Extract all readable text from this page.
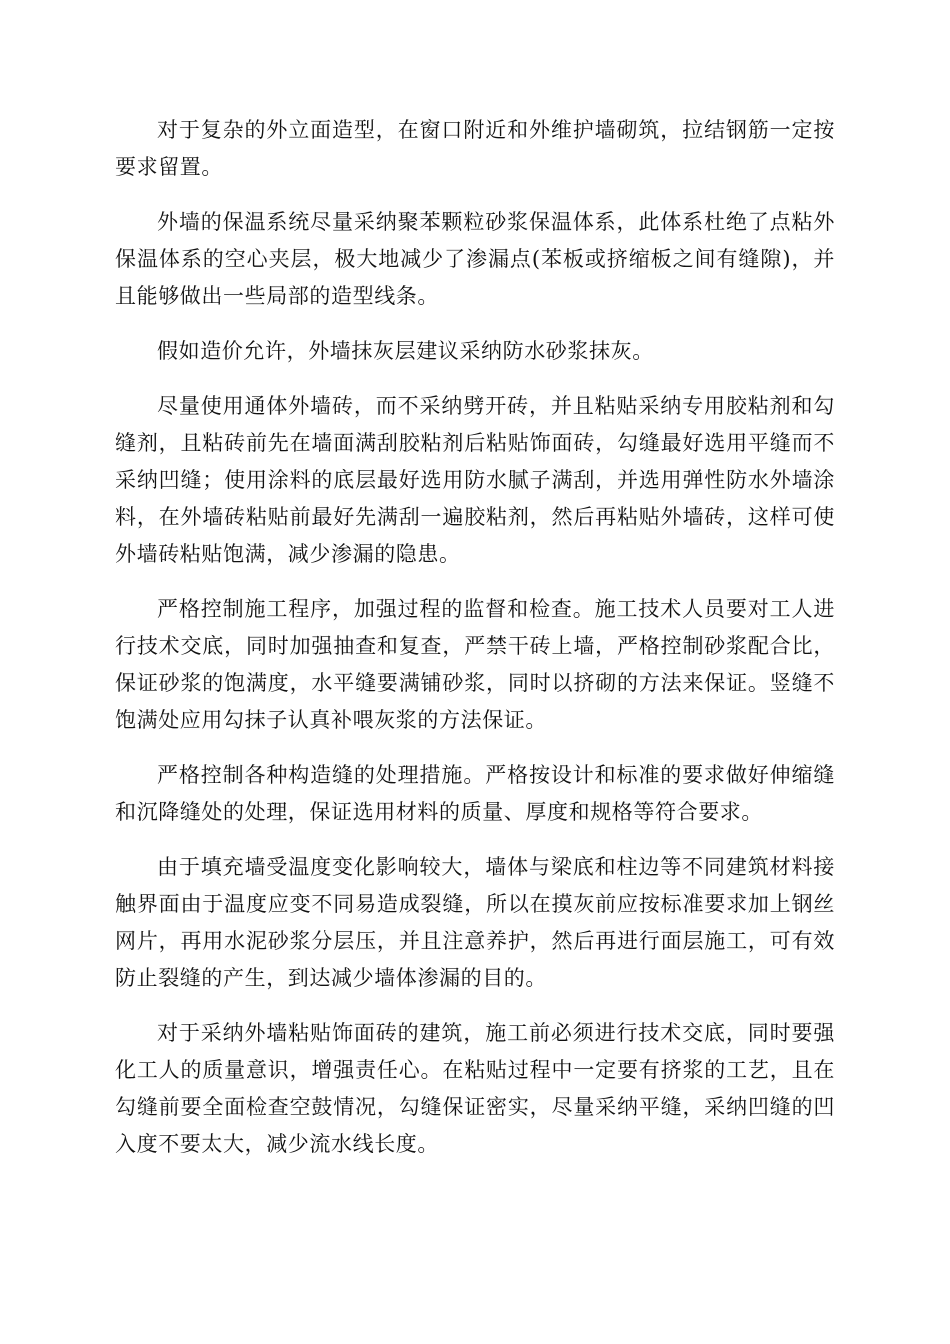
对于复杂的外立面造型，在窗口附近和外维护墙砌筑，拉结钢筋一定按要求留置。

外墙的保温系统尽量采纳聚苯颗粒砂浆保温体系，此体系杜绝了点粘外保温体系的空心夹层，极大地减少了渗漏点(苯板或挤缩板之间有缝隙)，并且能够做出一些局部的造型线条。

假如造价允许，外墙抹灰层建议采纳防水砂浆抹灰。

尽量使用通体外墙砖，而不采纳劈开砖，并且粘贴采纳专用胶粘剂和勾缝剂，且粘砖前先在墙面满刮胶粘剂后粘贴饰面砖，勾缝最好选用平缝而不采纳凹缝；使用涂料的底层最好选用防水腻子满刮，并选用弹性防水外墙涂料，在外墙砖粘贴前最好先满刮一遍胶粘剂，然后再粘贴外墙砖，这样可使外墙砖粘贴饱满，减少渗漏的隐患。

严格控制施工程序，加强过程的监督和检查。施工技术人员要对工人进行技术交底，同时加强抽查和复查，严禁干砖上墙，严格控制砂浆配合比，保证砂浆的饱满度，水平缝要满铺砂浆，同时以挤砌的方法来保证。竖缝不饱满处应用勾抹子认真补喂灰浆的方法保证。

严格控制各种构造缝的处理措施。严格按设计和标准的要求做好伸缩缝和沉降缝处的处理，保证选用材料的质量、厚度和规格等符合要求。

由于填充墙受温度变化影响较大，墙体与梁底和柱边等不同建筑材料接触界面由于温度应变不同易造成裂缝，所以在摸灰前应按标准要求加上钢丝网片，再用水泥砂浆分层压，并且注意养护，然后再进行面层施工，可有效防止裂缝的产生，到达减少墙体渗漏的目的。

对于采纳外墙粘贴饰面砖的建筑，施工前必须进行技术交底，同时要强化工人的质量意识，增强责任心。在粘贴过程中一定要有挤浆的工艺，且在勾缝前要全面检查空鼓情况，勾缝保证密实，尽量采纳平缝，采纳凹缝的凹入度不要太大，减少流水线长度。
